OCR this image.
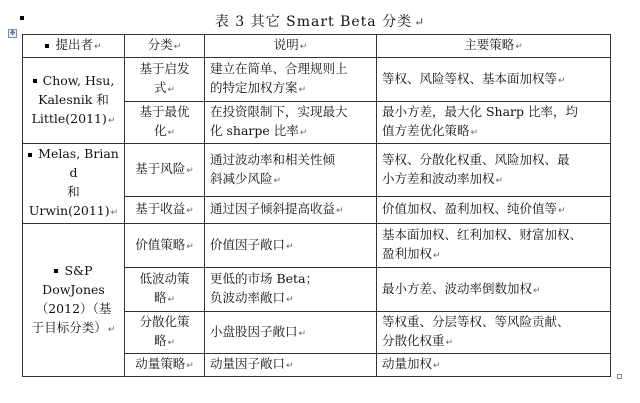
表 3 其它 Smart Beta 分类 ↵
✥
提出者↵	分类↵	说明↵	主要策略↵
Chow, Hsu,
Kalesnik 和
Little(2011)↵	基于启发
式↵	建立在简单、合理规则上
的特定加权方案↵	等权、风险等权、基本面加权等↵
	基于最优
化↵	在投资限制下，实现最大
化 sharpe 比率↵	最小方差，最大化 Sharp 比率，均
值方差优化策略↵
Melas, Briand
和
Urwin(2011)↵	基于风险↵	通过波动率和相关性倾
斜减少风险↵	等权、分散化权重、风险加权、最
小方差和波动率加权↵
	基于收益↵	通过因子倾斜提高收益↵	价值加权、盈利加权、纯价值等↵
S&P
DowJones
（2012）（基
于目标分类）↵	价值策略↵	价值因子敞口↵	基本面加权、红利加权、财富加权、
盈利加权↵
	低波动策
略↵	更低的市场 Beta；
负波动率敞口↵	最小方差、波动率倒数加权↵
	分散化策
略↵	小盘股因子敞口↵	等权重、分层等权、等风险贡献、
分散化权重↵
	动量策略↵	动量因子敞口↵	动量加权↵
